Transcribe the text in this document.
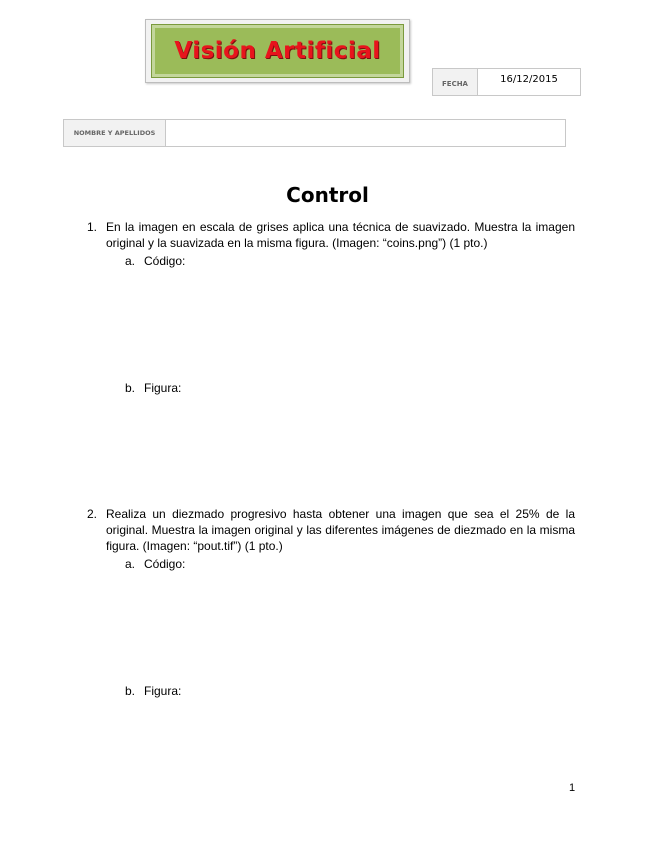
Visión Artificial
FECHA	16/12/2015
NOMBRE Y APELLIDOS
Control
1. En la imagen en escala de grises aplica una técnica de suavizado. Muestra la imagen original y la suavizada en la misma figura. (Imagen: “coins.png”) (1 pto.)
a. Código:
b. Figura:
2. Realiza un diezmado progresivo hasta obtener una imagen que sea el 25% de la original. Muestra la imagen original y las diferentes imágenes de diezmado en la misma figura. (Imagen: “pout.tif”) (1 pto.)
a. Código:
b. Figura:
1
